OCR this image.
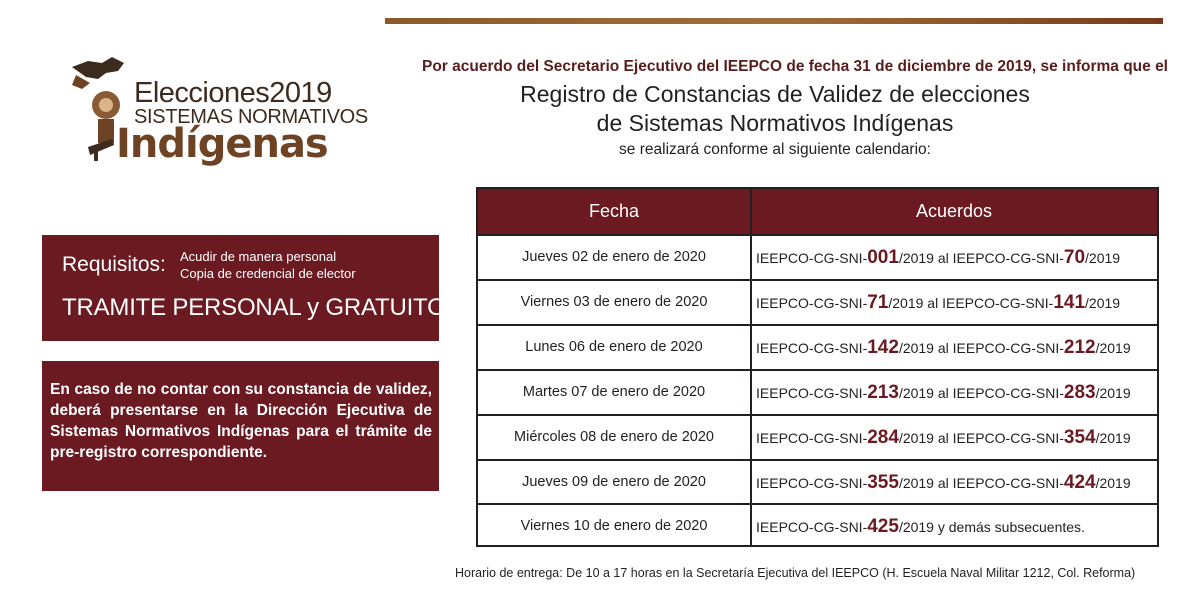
Elecciones2019
SISTEMAS NORMATIVOS
Indígenas
Por acuerdo del Secretario Ejecutivo del IEEPCO de fecha 31 de diciembre de 2019, se informa que el
Registro de Constancias de Validez de elecciones
de Sistemas Normativos Indígenas
se realizará conforme al siguiente calendario:
Requisitos: Acudir de manera personal
Copia de credencial de elector
TRAMITE PERSONAL y GRATUITO
En caso de no contar con su constancia de validez, deberá presentarse en la Dirección Ejecutiva de Sistemas Normativos Indígenas para el trámite de pre-registro correspondiente.
Fecha	Acuerdos
Jueves 02 de enero de 2020	IEEPCO-CG-SNI-001/2019 al IEEPCO-CG-SNI-70/2019
Viernes 03 de enero de 2020	IEEPCO-CG-SNI-71/2019 al IEEPCO-CG-SNI-141/2019
Lunes 06 de enero de 2020	IEEPCO-CG-SNI-142/2019 al IEEPCO-CG-SNI-212/2019
Martes 07 de enero de 2020	IEEPCO-CG-SNI-213/2019 al IEEPCO-CG-SNI-283/2019
Miércoles 08 de enero de 2020	IEEPCO-CG-SNI-284/2019 al IEEPCO-CG-SNI-354/2019
Jueves 09 de enero de 2020	IEEPCO-CG-SNI-355/2019 al IEEPCO-CG-SNI-424/2019
Viernes 10 de enero de 2020	IEEPCO-CG-SNI-425/2019 y demás subsecuentes.
Horario de entrega: De 10 a 17 horas en la Secretaría Ejecutiva del IEEPCO (H. Escuela Naval Militar 1212, Col. Reforma)
